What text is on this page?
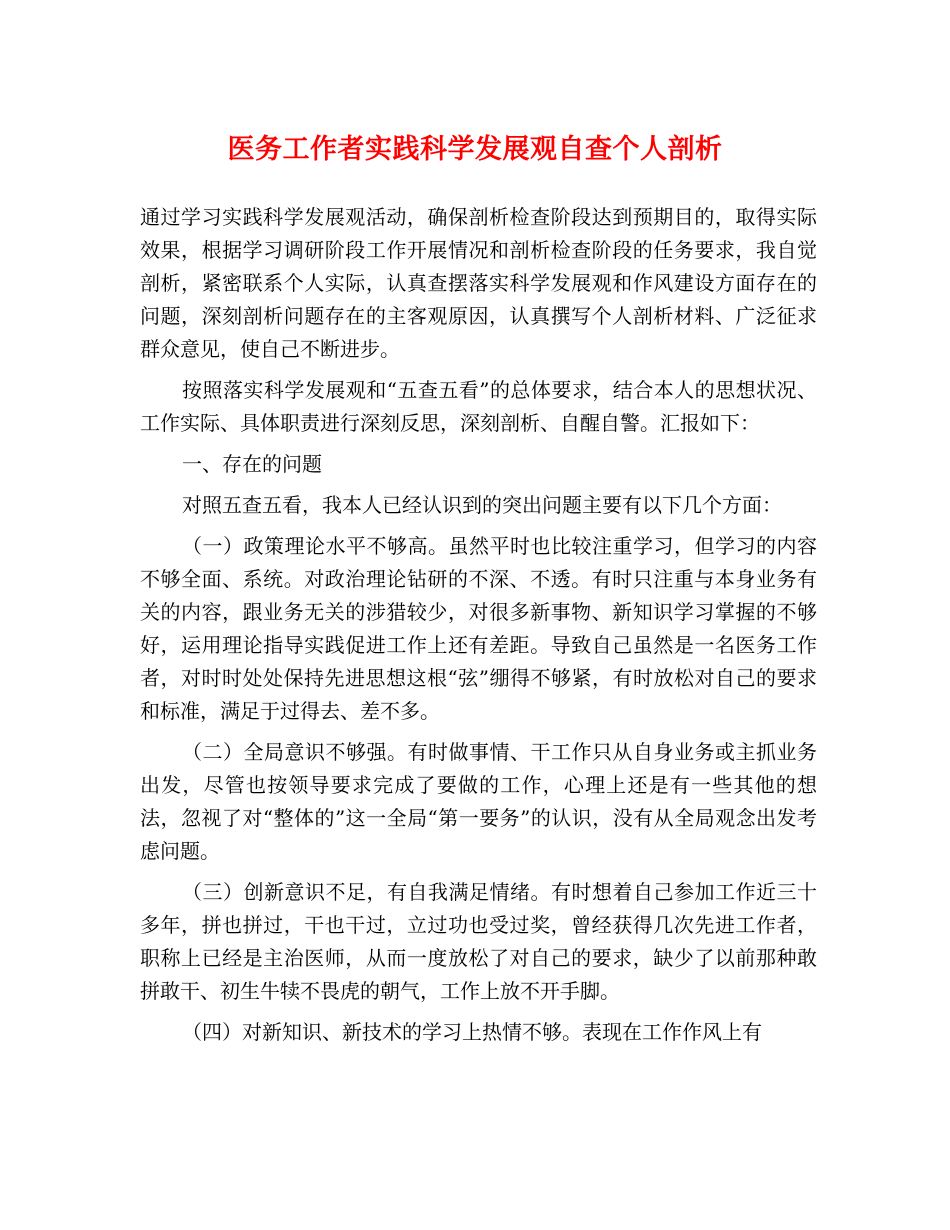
医务工作者实践科学发展观自查个人剖析

通过学习实践科学发展观活动，确保剖析检查阶段达到预期目的，取得实际效果，根据学习调研阶段工作开展情况和剖析检查阶段的任务要求，我自觉剖析，紧密联系个人实际，认真查摆落实科学发展观和作风建设方面存在的问题，深刻剖析问题存在的主客观原因，认真撰写个人剖析材料、广泛征求群众意见，使自己不断进步。

按照落实科学发展观和“五查五看”的总体要求，结合本人的思想状况、工作实际、具体职责进行深刻反思，深刻剖析、自醒自警。汇报如下：

一、存在的问题

对照五查五看，我本人已经认识到的突出问题主要有以下几个方面：

（一）政策理论水平不够高。虽然平时也比较注重学习，但学习的内容不够全面、系统。对政治理论钻研的不深、不透。有时只注重与本身业务有关的内容，跟业务无关的涉猎较少，对很多新事物、新知识学习掌握的不够好，运用理论指导实践促进工作上还有差距。导致自己虽然是一名医务工作者，对时时处处保持先进思想这根“弦”绷得不够紧，有时放松对自己的要求和标准，满足于过得去、差不多。

（二）全局意识不够强。有时做事情、干工作只从自身业务或主抓业务出发，尽管也按领导要求完成了要做的工作，心理上还是有一些其他的想法，忽视了对“整体的”这一全局“第一要务”的认识，没有从全局观念出发考虑问题。

（三）创新意识不足，有自我满足情绪。有时想着自己参加工作近三十多年，拼也拼过，干也干过，立过功也受过奖，曾经获得几次先进工作者，职称上已经是主治医师，从而一度放松了对自己的要求，缺少了以前那种敢拼敢干、初生牛犊不畏虎的朝气，工作上放不开手脚。

（四）对新知识、新技术的学习上热情不够。表现在工作作风上有
